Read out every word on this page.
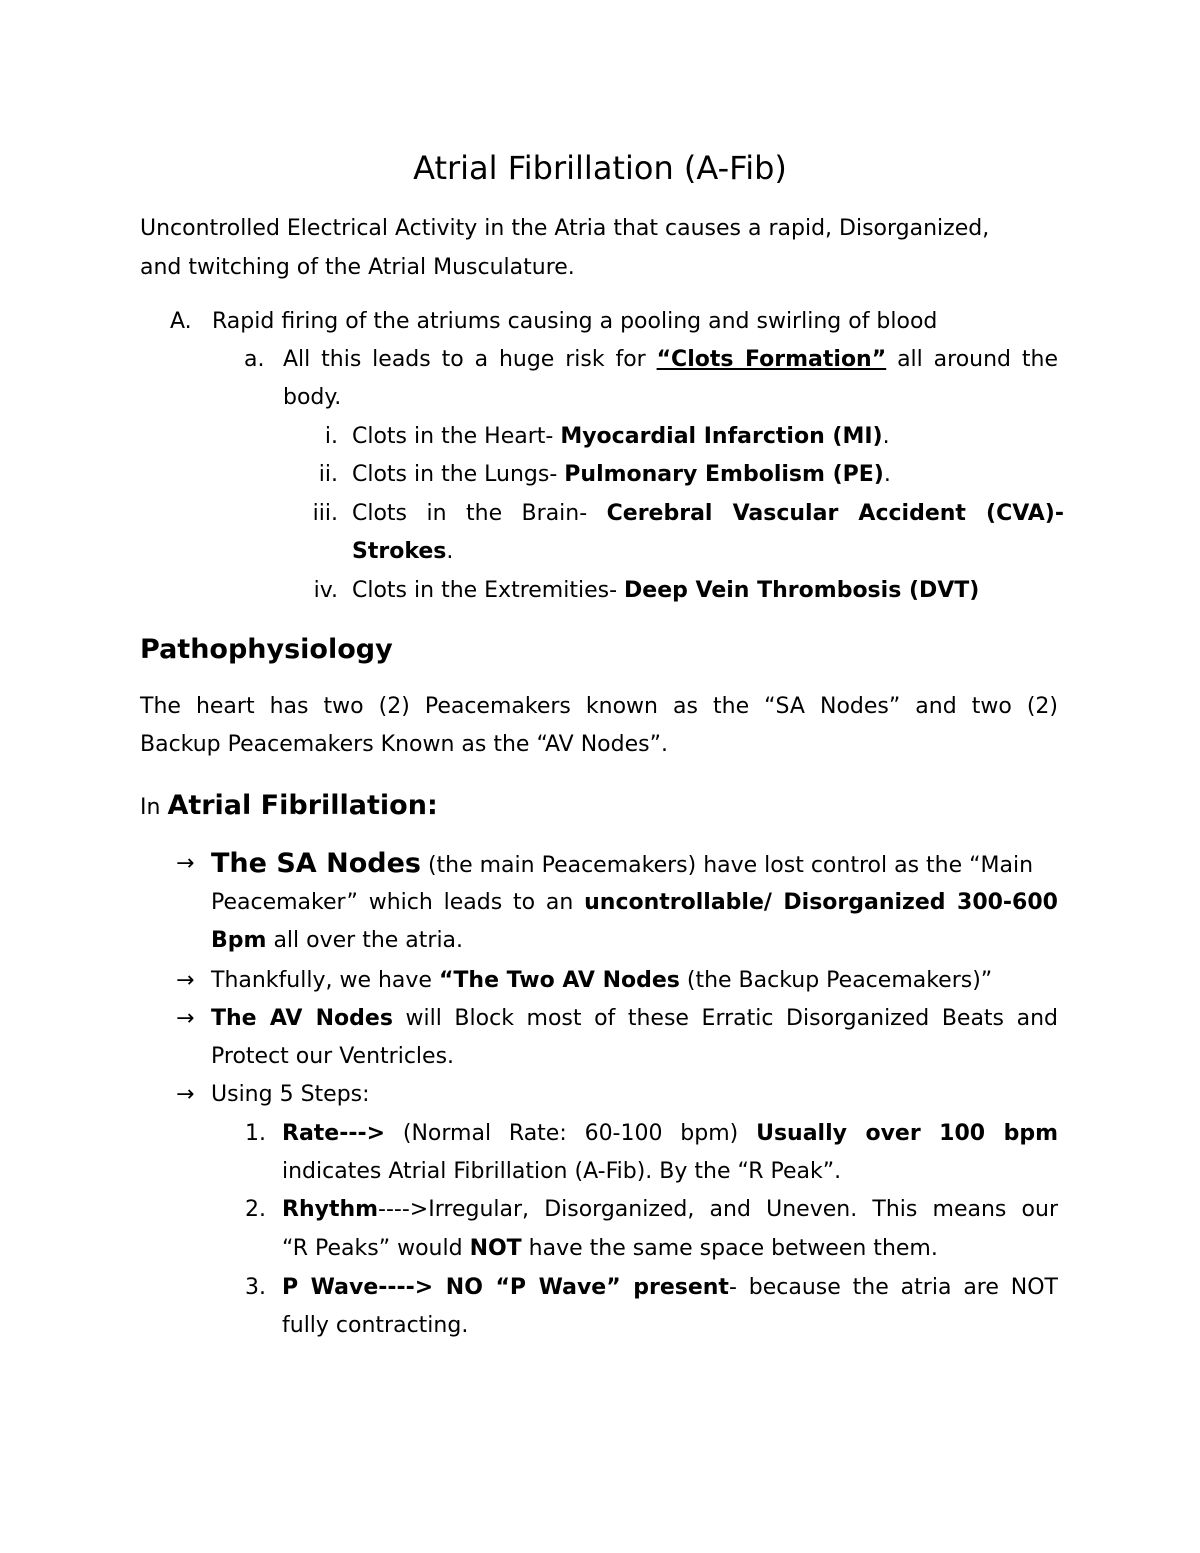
Atrial Fibrillation (A-Fib)
Uncontrolled Electrical Activity in the Atria that causes a rapid, Disorganized,
and twitching of the Atrial Musculature.
A. Rapid firing of the atriums causing a pooling and swirling of blood
a. All this leads to a huge risk for “Clots Formation” all around the
body.
i. Clots in the Heart- Myocardial Infarction (MI).
ii. Clots in the Lungs- Pulmonary Embolism (PE).
iii. Clots in the Brain- Cerebral Vascular Accident (CVA)-
Strokes.
iv. Clots in the Extremities- Deep Vein Thrombosis (DVT)
Pathophysiology
The heart has two (2) Peacemakers known as the “SA Nodes” and two (2)
Backup Peacemakers Known as the “AV Nodes”.
In Atrial Fibrillation:
→ The SA Nodes (the main Peacemakers) have lost control as the “Main
Peacemaker” which leads to an uncontrollable/ Disorganized 300-600
Bpm all over the atria.
→ Thankfully, we have “The Two AV Nodes (the Backup Peacemakers)”
→ The AV Nodes will Block most of these Erratic Disorganized Beats and
Protect our Ventricles.
→ Using 5 Steps:
1. Rate---> (Normal Rate: 60-100 bpm) Usually over 100 bpm
indicates Atrial Fibrillation (A-Fib). By the “R Peak”.
2. Rhythm---->Irregular, Disorganized, and Uneven. This means our
“R Peaks” would NOT have the same space between them.
3. P Wave----> NO “P Wave” present- because the atria are NOT
fully contracting.
